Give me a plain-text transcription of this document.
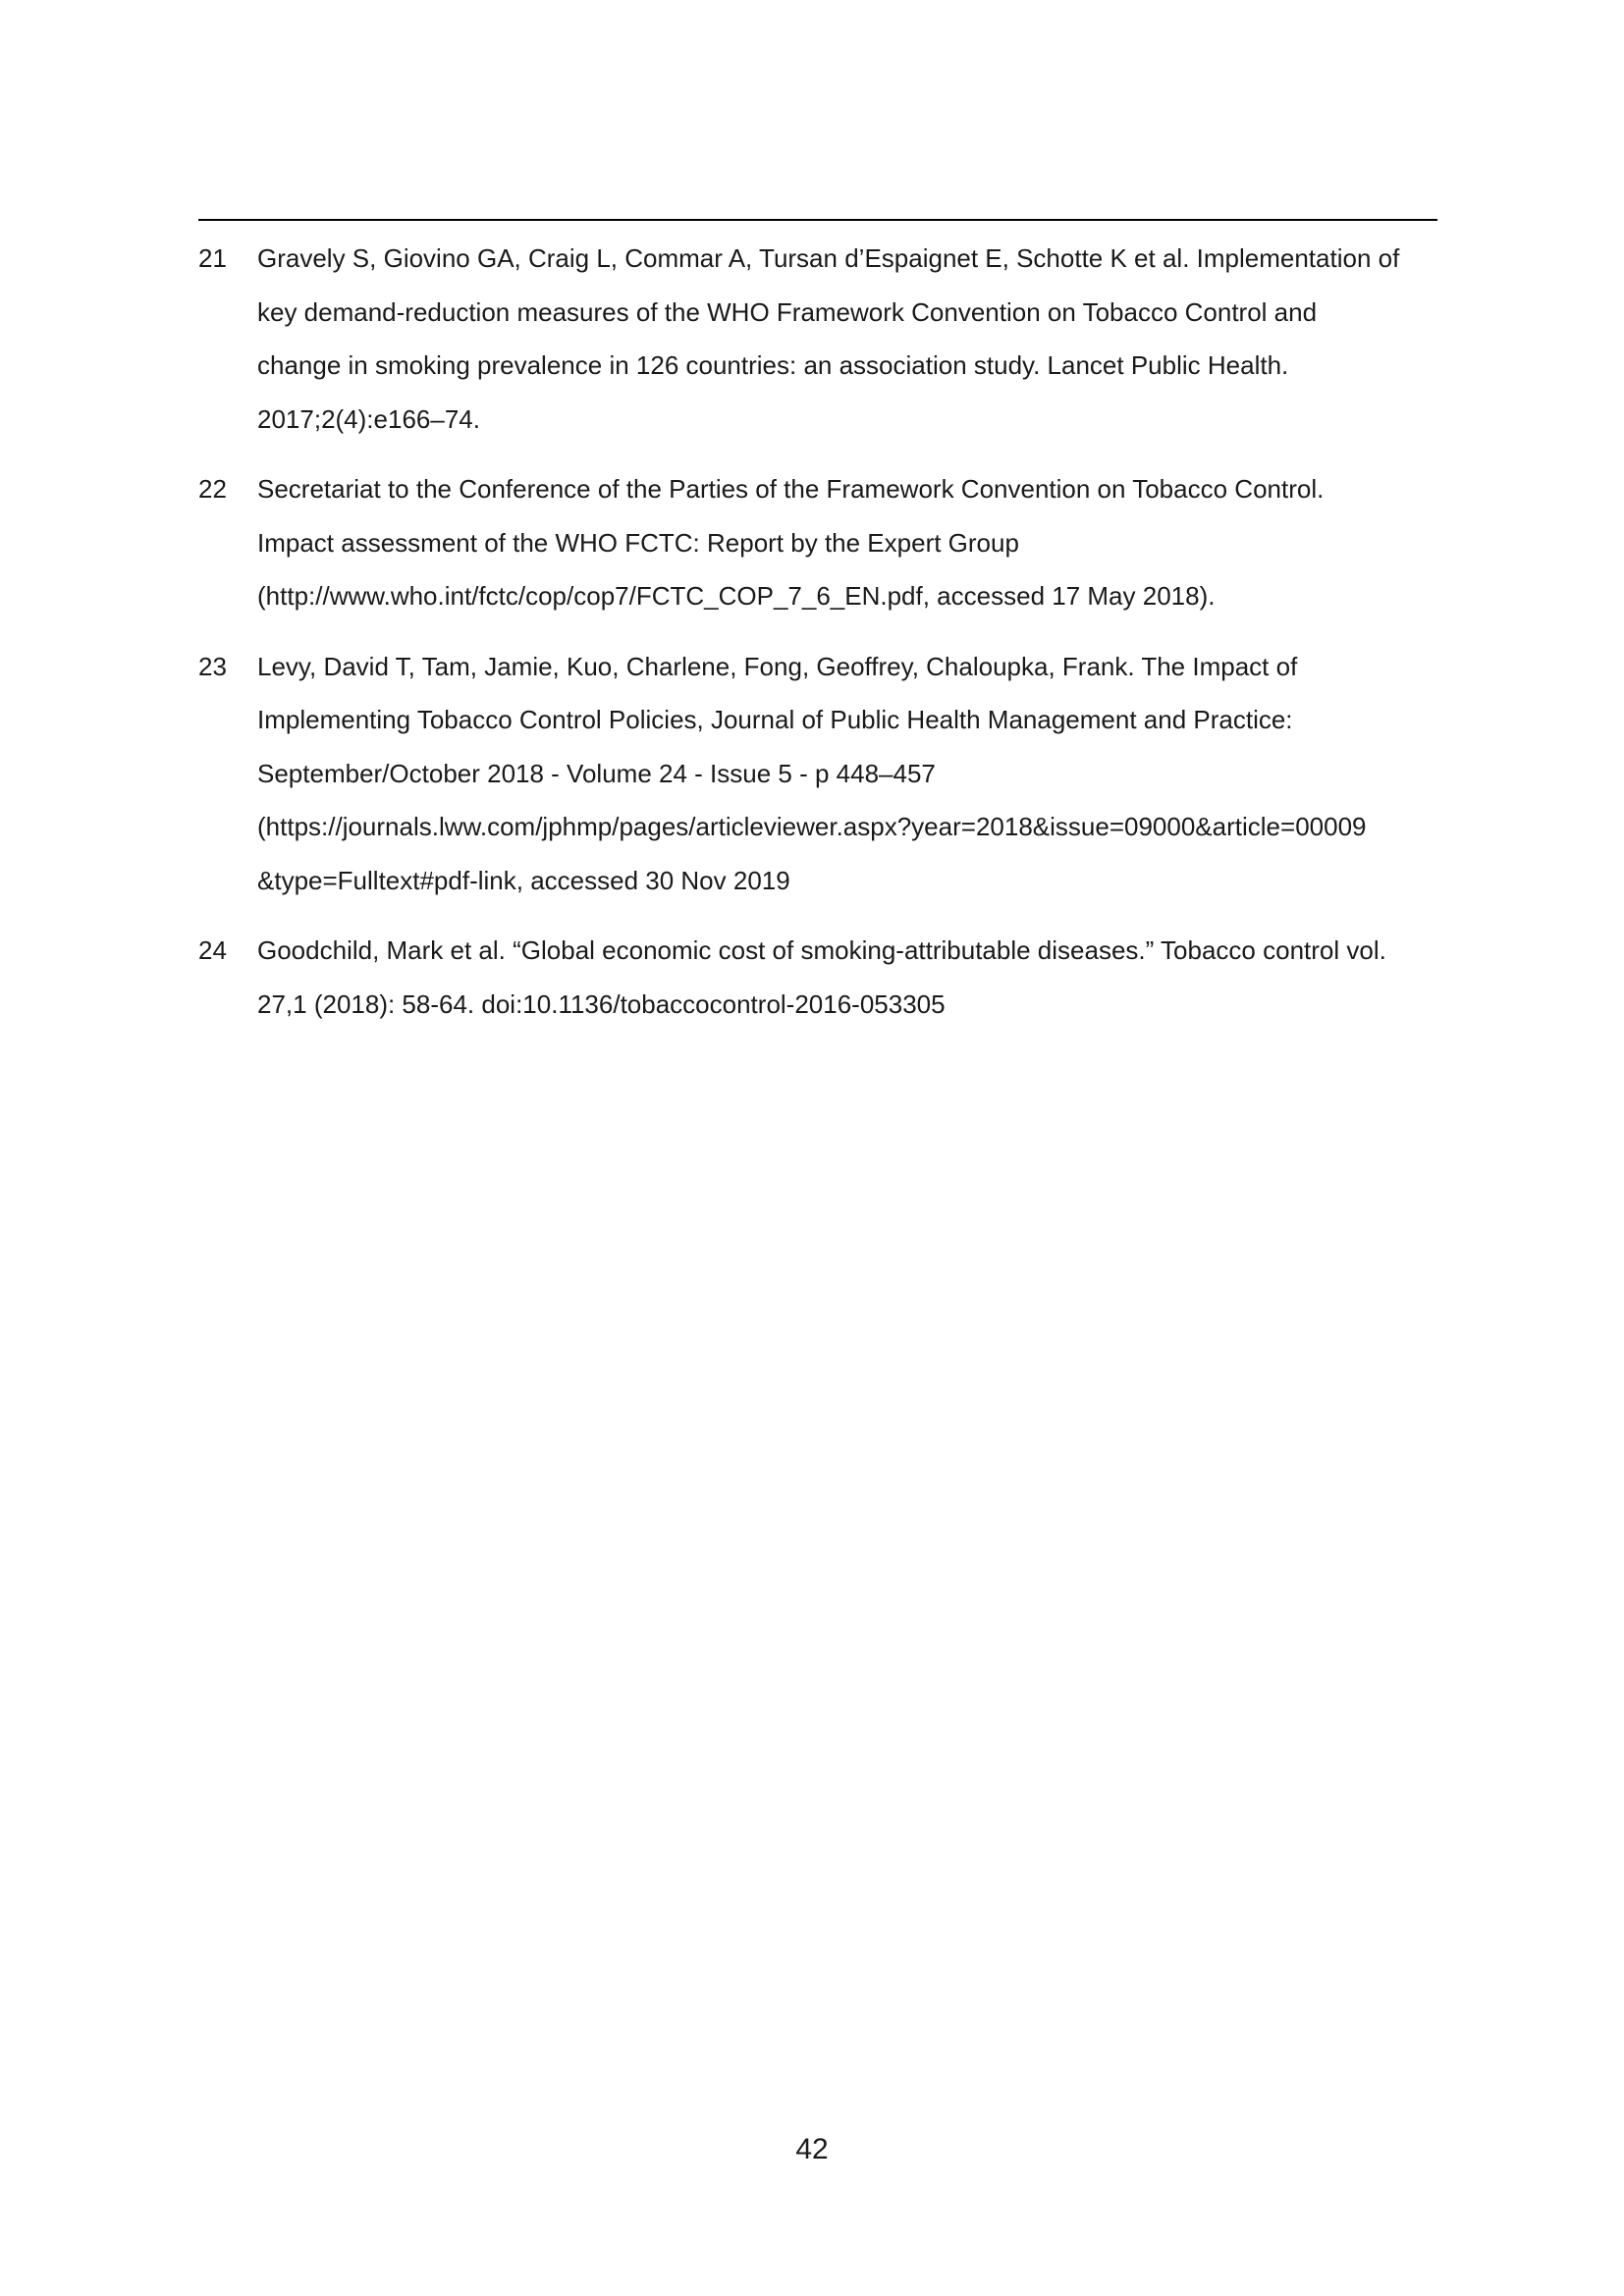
21 Gravely S, Giovino GA, Craig L, Commar A, Tursan d’Espaignet E, Schotte K et al. Implementation of
key demand-reduction measures of the WHO Framework Convention on Tobacco Control and
change in smoking prevalence in 126 countries: an association study. Lancet Public Health.
2017;2(4):e166–74.
22 Secretariat to the Conference of the Parties of the Framework Convention on Tobacco Control.
Impact assessment of the WHO FCTC: Report by the Expert Group
(http://www.who.int/fctc/cop/cop7/FCTC_COP_7_6_EN.pdf, accessed 17 May 2018).
23 Levy, David T, Tam, Jamie, Kuo, Charlene, Fong, Geoffrey, Chaloupka, Frank. The Impact of
Implementing Tobacco Control Policies, Journal of Public Health Management and Practice:
September/October 2018 - Volume 24 - Issue 5 - p 448–457
(https://journals.lww.com/jphmp/pages/articleviewer.aspx?year=2018&issue=09000&article=00009
&type=Fulltext#pdf-link, accessed 30 Nov 2019
24 Goodchild, Mark et al. “Global economic cost of smoking-attributable diseases.” Tobacco control vol.
27,1 (2018): 58-64. doi:10.1136/tobaccocontrol-2016-053305
42
